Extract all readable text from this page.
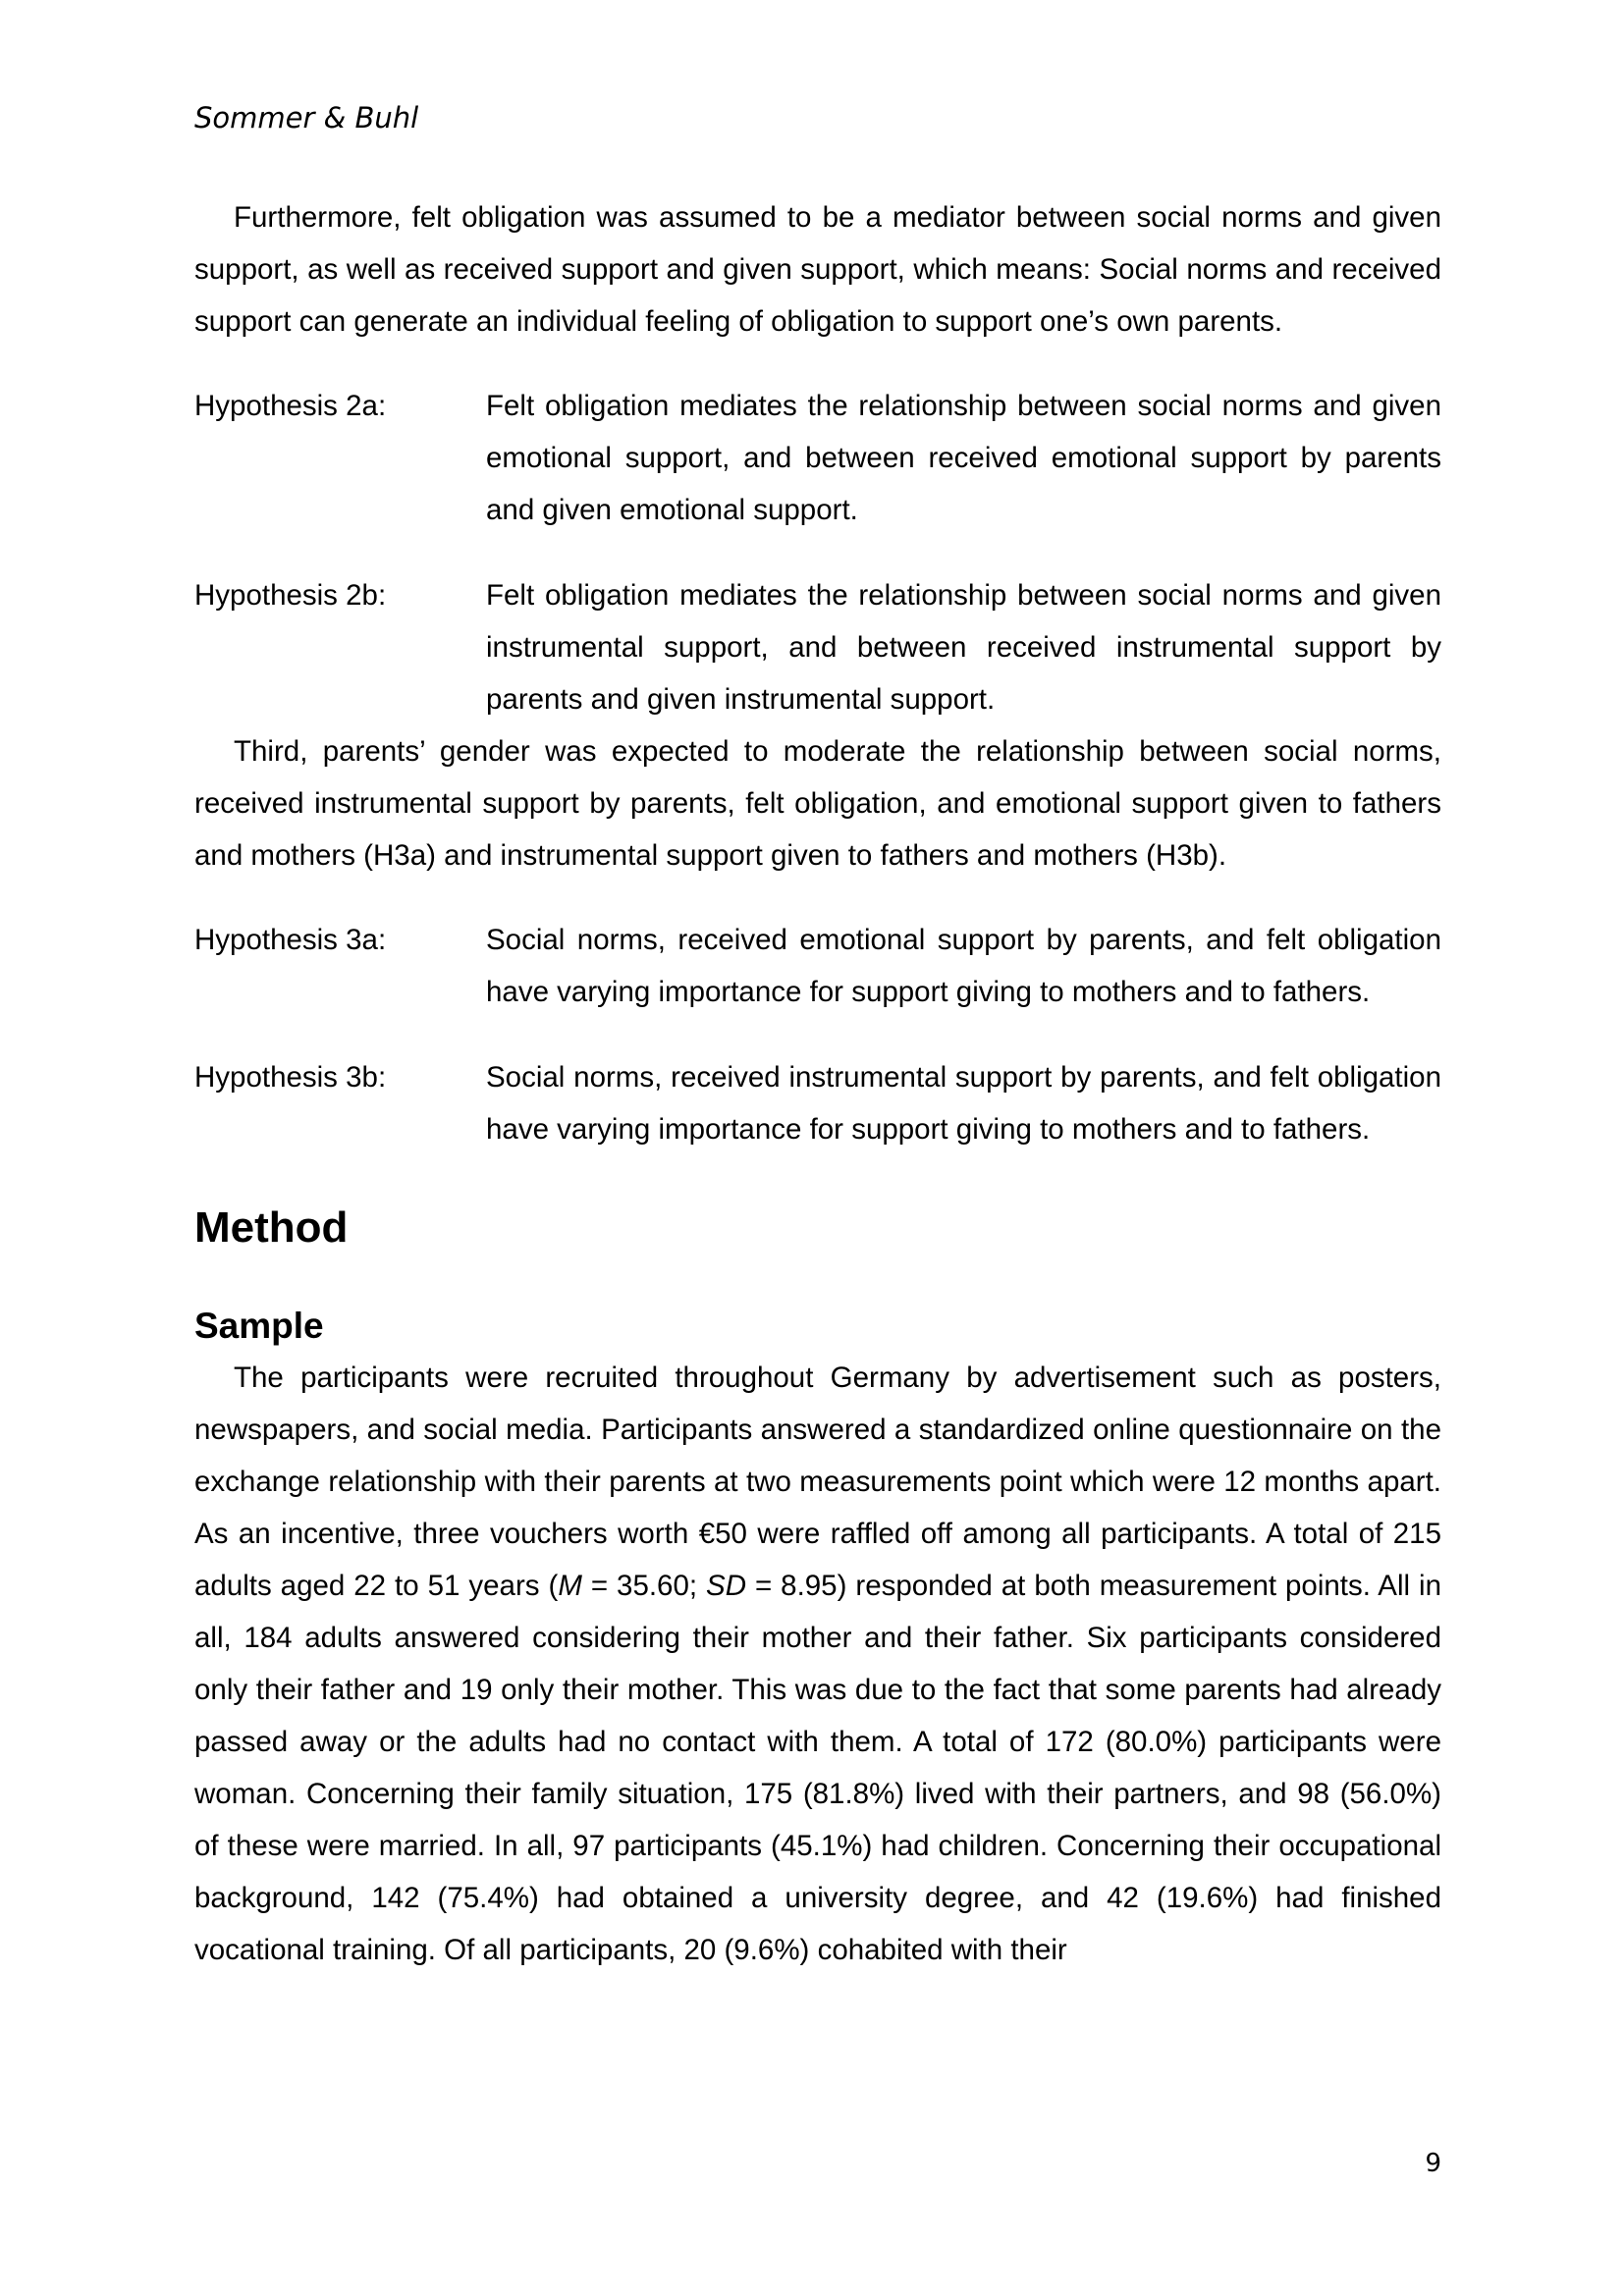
Sommer & Buhl

Furthermore, felt obligation was assumed to be a mediator between social norms and given support, as well as received support and given support, which means: Social norms and received support can generate an individual feeling of obligation to support one’s own parents.

Hypothesis 2a:	Felt obligation mediates the relationship between social norms and given emotional support, and between received emotional support by parents and given emotional support.
Hypothesis 2b:	Felt obligation mediates the relationship between social norms and given instrumental support, and between received instrumental support by parents and given instrumental support.

Third, parents’ gender was expected to moderate the relationship between social norms, received instrumental support by parents, felt obligation, and emotional support given to fathers and mothers (H3a) and instrumental support given to fathers and mothers (H3b).

Hypothesis 3a:	Social norms, received emotional support by parents, and felt obligation have varying importance for support giving to mothers and to fathers.
Hypothesis 3b:	Social norms, received instrumental support by parents, and felt obligation have varying importance for support giving to mothers and to fathers.
Method
Sample

The participants were recruited throughout Germany by advertisement such as posters, newspapers, and social media. Participants answered a standardized online questionnaire on the exchange relationship with their parents at two measurements point which were 12 months apart. As an incentive, three vouchers worth €50 were raffled off among all participants. A total of 215 adults aged 22 to 51 years (M = 35.60; SD = 8.95) responded at both measurement points. All in all, 184 adults answered considering their mother and their father. Six participants considered only their father and 19 only their mother. This was due to the fact that some parents had already passed away or the adults had no contact with them. A total of 172 (80.0%) participants were woman. Concerning their family situation, 175 (81.8%) lived with their partners, and 98 (56.0%) of these were married. In all, 97 participants (45.1%) had children. Concerning their occupational background, 142 (75.4%) had obtained a university degree, and 42 (19.6%) had finished vocational training. Of all participants, 20 (9.6%) cohabited with their

9
